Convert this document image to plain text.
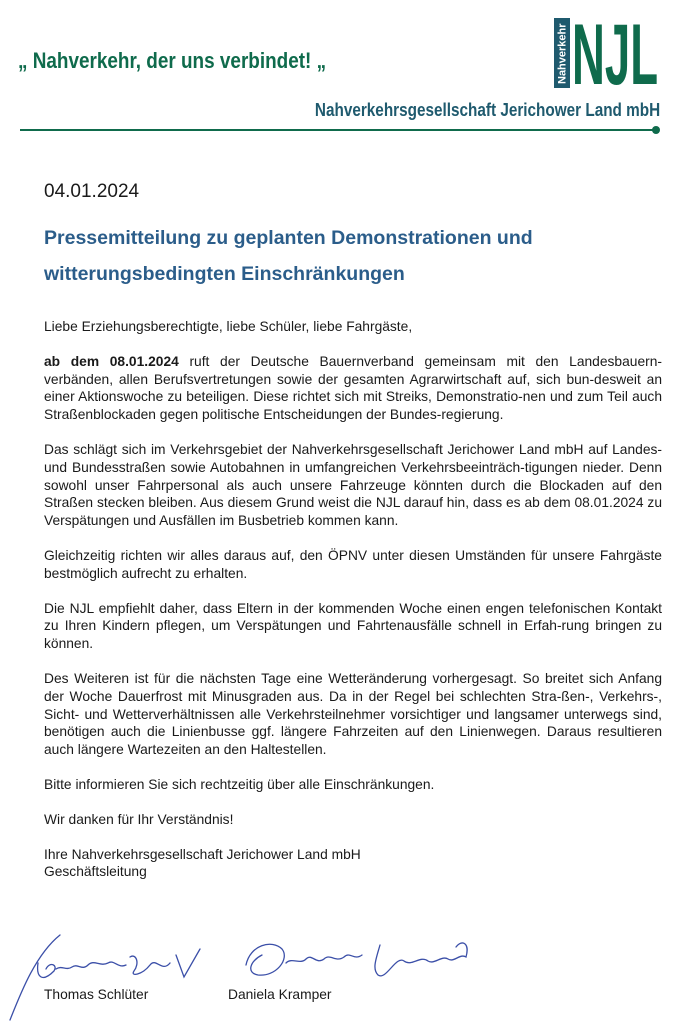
„ Nahverkehr, der uns verbindet! „	Nahverkehr NJL
Nahverkehrsgesellschaft Jerichower Land mbH
04.01.2024
Pressemitteilung zu geplanten Demonstrationen und witterungsbedingten Einschränkungen

Liebe Erziehungsberechtigte, liebe Schüler, liebe Fahrgäste,

ab dem 08.01.2024 ruft der Deutsche Bauernverband gemeinsam mit den Landesbauern-verbänden, allen Berufsvertretungen sowie der gesamten Agrarwirtschaft auf, sich bun-desweit an einer Aktionswoche zu beteiligen. Diese richtet sich mit Streiks, Demonstratio-nen und zum Teil auch Straßenblockaden gegen politische Entscheidungen der Bundes-regierung.

Das schlägt sich im Verkehrsgebiet der Nahverkehrsgesellschaft Jerichower Land mbH auf Landes- und Bundesstraßen sowie Autobahnen in umfangreichen Verkehrsbeeinträch-tigungen nieder. Denn sowohl unser Fahrpersonal als auch unsere Fahrzeuge könnten durch die Blockaden auf den Straßen stecken bleiben. Aus diesem Grund weist die NJL darauf hin, dass es ab dem 08.01.2024 zu Verspätungen und Ausfällen im Busbetrieb kommen kann.

Gleichzeitig richten wir alles daraus auf, den ÖPNV unter diesen Umständen für unsere Fahrgäste bestmöglich aufrecht zu erhalten.

Die NJL empfiehlt daher, dass Eltern in der kommenden Woche einen engen telefonischen Kontakt zu Ihren Kindern pflegen, um Verspätungen und Fahrtenausfälle schnell in Erfah-rung bringen zu können.

Des Weiteren ist für die nächsten Tage eine Wetteränderung vorhergesagt. So breitet sich Anfang der Woche Dauerfrost mit Minusgraden aus. Da in der Regel bei schlechten Stra-ßen-, Verkehrs-, Sicht- und Wetterverhältnissen alle Verkehrsteilnehmer vorsichtiger und langsamer unterwegs sind, benötigen auch die Linienbusse ggf. längere Fahrzeiten auf den Linienwegen. Daraus resultieren auch längere Wartezeiten an den Haltestellen.

Bitte informieren Sie sich rechtzeitig über alle Einschränkungen.

Wir danken für Ihr Verständnis!

Ihre Nahverkehrsgesellschaft Jerichower Land mbH

Geschäftsleitung

Thomas Schlüter	Daniela Kramper
